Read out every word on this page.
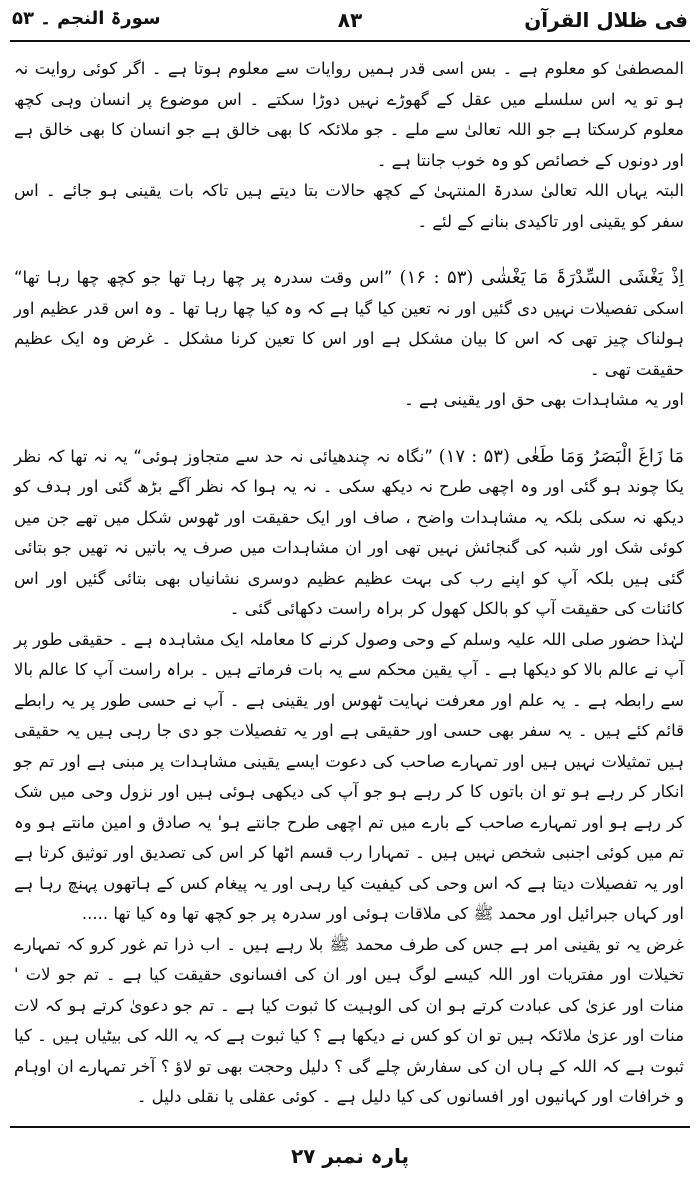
فی ظلال القرآن
۸۳
سورۃ النجم ۔ ۵۳

المصطفیٰ کو معلوم ہے ۔ بس اسی قدر ہمیں روایات سے معلوم ہوتا ہے ۔ اگر کوئی روایت نہ ہو تو یہ اس سلسلے میں عقل کے گھوڑے نہیں دوڑا سکتے ۔ اس موضوع پر انسان وہی کچھ معلوم کرسکتا ہے جو اللہ تعالیٰ سے ملے ۔ جو ملائکہ کا بھی خالق ہے جو انسان کا بھی خالق ہے اور دونوں کے خصائص کو وہ خوب جانتا ہے ۔

البتہ یہاں اللہ تعالیٰ سدرۃ المنتہیٰ کے کچھ حالات بتا دیتے ہیں تاکہ بات یقینی ہو جائے ۔ اس سفر کو یقینی اور تاکیدی بنانے کے لئے ۔

اِذْ یَغْشَی السِّدْرَۃَ مَا یَغْشٰی (۵۳ : ۱۶) ”اس وقت سدرہ پر چھا رہا تھا جو کچھ چھا رہا تھا“ اسکی تفصیلات نہیں دی گئیں اور نہ تعین کیا گیا ہے کہ وہ کیا چھا رہا تھا ۔ وہ اس قدر عظیم اور ہولناک چیز تھی کہ اس کا بیان مشکل ہے اور اس کا تعین کرنا مشکل ۔ غرض وہ ایک عظیم حقیقت تھی ۔

اور یہ مشاہدات بھی حق اور یقینی ہے ۔

مَا زَاغَ الْبَصَرُ وَمَا طَغٰی (۵۳ : ۱۷) ”نگاہ نہ چندھیائی نہ حد سے متجاوز ہوئی“ یہ نہ تھا کہ نظر یکا چوند ہو گئی اور وہ اچھی طرح نہ دیکھ سکی ۔ نہ یہ ہوا کہ نظر آگے بڑھ گئی اور ہدف کو دیکھ نہ سکی بلکہ یہ مشاہدات واضح ، صاف اور ایک حقیقت اور ٹھوس شکل میں تھے جن میں کوئی شک اور شبہ کی گنجائش نہیں تھی اور ان مشاہدات میں صرف یہ باتیں نہ تھیں جو بتائی گئی ہیں بلکہ آپ کو اپنے رب کی بہت عظیم عظیم دوسری نشانیاں بھی بتائی گئیں اور اس کائنات کی حقیقت آپ کو بالکل کھول کر براہ راست دکھائی گئی ۔

لہٰذا حضور صلی اللہ علیہ وسلم کے وحی وصول کرنے کا معاملہ ایک مشاہدہ ہے ۔ حقیقی طور پر آپ نے عالم بالا کو دیکھا ہے ۔ آپ یقین محکم سے یہ بات فرماتے ہیں ۔ براہ راست آپ کا عالم بالا سے رابطہ ہے ۔ یہ علم اور معرفت نہایت ٹھوس اور یقینی ہے ۔ آپ نے حسی طور پر یہ رابطے قائم کئے ہیں ۔ یہ سفر بھی حسی اور حقیقی ہے اور یہ تفصیلات جو دی جا رہی ہیں یہ حقیقی ہیں تمثیلات نہیں ہیں اور تمہارے صاحب کی دعوت ایسے یقینی مشاہدات پر مبنی ہے اور تم جو انکار کر رہے ہو تو ان باتوں کا کر رہے ہو جو آپ کی دیکھی ہوئی ہیں اور نزول وحی میں شک کر رہے ہو اور تمہارے صاحب کے بارے میں تم اچھی طرح جانتے ہو' یہ صادق و امین مانتے ہو وہ تم میں کوئی اجنبی شخص نہیں ہیں ۔ تمہارا رب قسم اٹھا کر اس کی تصدیق اور توثیق کرتا ہے اور یہ تفصیلات دیتا ہے کہ اس وحی کی کیفیت کیا رہی اور یہ پیغام کس کے ہاتھوں پہنچ رہا ہے اور کہاں جبرائیل اور محمد ﷺ کی ملاقات ہوئی اور سدرہ پر جو کچھ تھا وہ کیا تھا .....

غرض یہ تو یقینی امر ہے جس کی طرف محمد ﷺ بلا رہے ہیں ۔ اب ذرا تم غور کرو کہ تمہارے تخیلات اور مفتریات اور اللہ کیسے لوگ ہیں اور ان کی افسانوی حقیقت کیا ہے ۔ تم جو لات ' منات اور عزیٰ کی عبادت کرتے ہو ان کی الوہیت کا ثبوت کیا ہے ۔ تم جو دعویٰ کرتے ہو کہ لات منات اور عزیٰ ملائکہ ہیں تو ان کو کس نے دیکھا ہے ؟ کیا ثبوت ہے کہ یہ اللہ کی بیٹیاں ہیں ۔ کیا ثبوت ہے کہ اللہ کے ہاں ان کی سفارش چلے گی ؟ دلیل وحجت بھی تو لاؤ ؟ آخر تمہارے ان اوہام و خرافات اور کہانیوں اور افسانوں کی کیا دلیل ہے ۔ کوئی عقلی یا نقلی دلیل ۔

پارہ نمبر ۲۷
